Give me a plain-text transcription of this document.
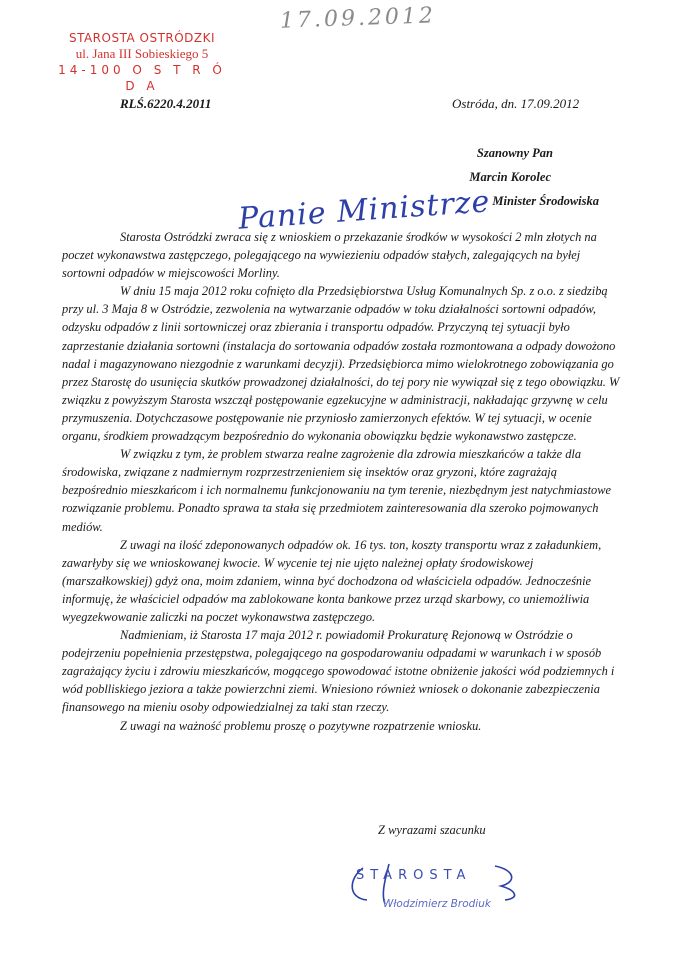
STAROSTA OSTRÓDZKI
ul. Jana III Sobieskiego 5
14-100 O S T R Ó D A
17.09.2012
RLŚ.6220.4.2011	Ostróda, dn. 17.09.2012
Szanowny Pan
Marcin Korolec
Minister Środowiska
Panie Ministrze

Starosta Ostródzki zwraca się z wnioskiem o przekazanie środków w wysokości 2 mln złotych na poczet wykonawstwa zastępczego, polegającego na wywiezieniu odpadów stałych, zalegających na byłej sortowni odpadów w miejscowości Morliny.

W dniu 15 maja 2012 roku cofnięto dla Przedsiębiorstwa Usług Komunalnych Sp. z o.o. z siedzibą przy ul. 3 Maja 8 w Ostródzie, zezwolenia na wytwarzanie odpadów w toku działalności sortowni odpadów, odzysku odpadów z linii sortowniczej oraz zbierania i transportu odpadów. Przyczyną tej sytuacji było zaprzestanie działania sortowni (instalacja do sortowania odpadów została rozmontowana a odpady dowożono nadal i magazynowano niezgodnie z warunkami decyzji). Przedsiębiorca mimo wielokrotnego zobowiązania go przez Starostę do usunięcia skutków prowadzonej działalności, do tej pory nie wywiązał się z tego obowiązku. W związku z powyższym Starosta wszczął postępowanie egzekucyjne w administracji, nakładając grzywnę w celu przymuszenia. Dotychczasowe postępowanie nie przyniosło zamierzonych efektów. W tej sytuacji, w ocenie organu, środkiem prowadzącym bezpośrednio do wykonania obowiązku będzie wykonawstwo zastępcze.

W związku z tym, że problem stwarza realne zagrożenie dla zdrowia mieszkańców a także dla środowiska, związane z nadmiernym rozprzestrzenieniem się insektów oraz gryzoni, które zagrażają bezpośrednio mieszkańcom i ich normalnemu funkcjonowaniu na tym terenie, niezbędnym jest natychmiastowe rozwiązanie problemu. Ponadto sprawa ta stała się przedmiotem zainteresowania dla szeroko pojmowanych mediów.

Z uwagi na ilość zdeponowanych odpadów ok. 16 tys. ton, koszty transportu wraz z załadunkiem, zawarłyby się we wnioskowanej kwocie. W wycenie tej nie ujęto należnej opłaty środowiskowej (marszałkowskiej) gdyż ona, moim zdaniem, winna być dochodzona od właściciela odpadów. Jednocześnie informuję, że właściciel odpadów ma zablokowane konta bankowe przez urząd skarbowy, co uniemożliwia wyegzekwowanie zaliczki na poczet wykonawstwa zastępczego.

Nadmieniam, iż Starosta 17 maja 2012 r. powiadomił Prokuraturę Rejonową w Ostródzie o podejrzeniu popełnienia przestępstwa, polegającego na gospodarowaniu odpadami w warunkach i w sposób zagrażający życiu i zdrowiu mieszkańców, mogącego spowodować istotne obniżenie jakości wód podziemnych i wód poblliskiego jeziora a także powierzchni ziemi. Wniesiono również wniosek o dokonanie zabezpieczenia finansowego na mieniu osoby odpowiedzialnej za taki stan rzeczy.

Z uwagi na ważność problemu proszę o pozytywne rozpatrzenie wniosku.

Z wyrazami szacunku
STAROSTA
Włodzimierz Brodiuk
